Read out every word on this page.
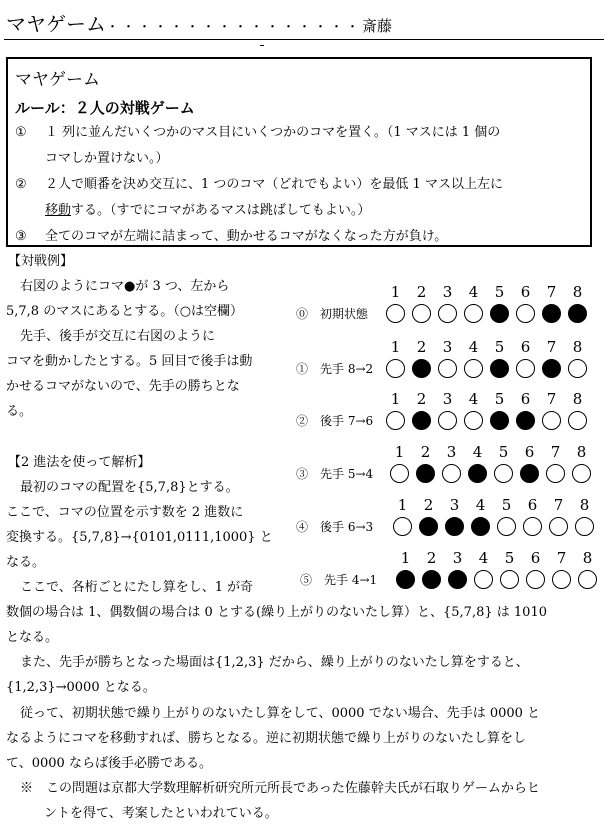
マヤゲーム・・・・・・・・・・・・・・・・斎藤
マヤゲーム
ルール：２人の対戦ゲーム
① １ 列に並んだいくつかのマス目にいくつかのコマを置く。（1 マスには 1 個の
コマしか置けない。）
② ２人で順番を決め交互に、1 つのコマ（どれでもよい）を最低 1 マス以上左に
移動する。（すでにコマがあるマスは跳ばしてもよい。）
③ 全てのコマが左端に詰まって、動かせるコマがなくなった方が負け。
【対戦例】
右図のようにコマ●が 3 つ、左から
5,7,8 のマスにあるとする。（○は空欄）
先手、後手が交互に右図のように
コマを動かしたとする。5 回目で後手は動
かせるコマがないので、先手の勝ちとな
る。
【2 進法を使って解析】
最初のコマの配置を{5,7,8}とする。
ここで、コマの位置を示す数を 2 進数に
変換する。{5,7,8}→{0101,0111,1000} と
なる。
ここで、各桁ごとにたし算をし、1 が奇
数個の場合は 1、偶数個の場合は 0 とする(繰り上がりのないたし算）と、{5,7,8} は 1010
となる。
また、先手が勝ちとなった場面は{1,2,3} だから、繰り上がりのないたし算をすると、
{1,2,3}→0000 となる。
従って、初期状態で繰り上がりのないたし算をして、0000 でない場合、先手は 0000 と
なるようにコマを移動すれば、勝ちとなる。逆に初期状態で繰り上がりのないたし算をし
て、0000 ならば後手必勝である。
※　この問題は京都大学数理解析研究所元所長であった佐藤幹夫氏が石取りゲームからヒ
ントを得て、考案したといわれている。
⓪　初期状態
1	2	3	4	5	6	7	8
①　先手 8→2
1	2	3	4	5	6	7	8
②　後手 7→6
1	2	3	4	5	6	7	8
③　先手 5→4
1	2	3	4	5	6	7	8
④　後手 6→3
1	2	3	4	5	6	7	8
⑤　先手 4→1
1	2	3	4	5	6	7	8
